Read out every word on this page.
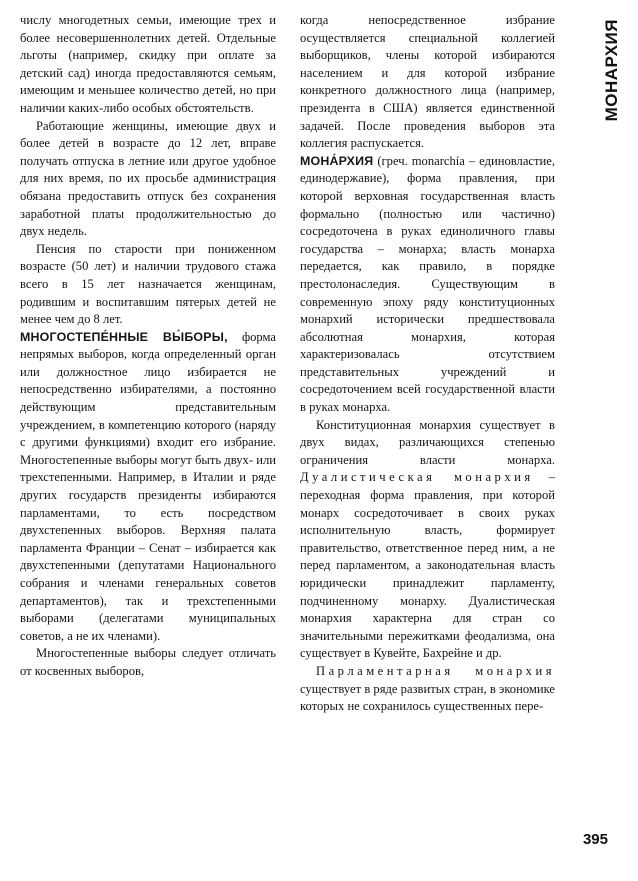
числу многодетных семьи, имеющие трех и более несовершеннолетних детей. Отдельные льготы (например, скидку при оплате за детский сад) иногда предоставляются семьям, имеющим и меньшее количество детей, но при наличии каких-либо особых обстоятельств.

Работающие женщины, имеющие двух и более детей в возрасте до 12 лет, вправе получать отпуска в летние или другое удобное для них время, по их просьбе администрация обязана предоставить отпуск без сохранения заработной платы продолжительностью до двух недель.

Пенсия по старости при пониженном возрасте (50 лет) и наличии трудового стажа всего в 15 лет назначается женщинам, родившим и воспитавшим пятерых детей не менее чем до 8 лет.

МНОГОСТЕПЕ́ННЫЕ ВЫ́БОРЫ, форма непрямых выборов, когда определенный орган или должностное лицо избирается не непосредственно избирателями, а постоянно действующим представительным учреждением, в компетенцию которого (наряду с другими функциями) входит его избрание. Многостепенные выборы могут быть двух- или трехстепенными. Например, в Италии и ряде других государств президенты избираются парламентами, то есть посредством двухстепенных выборов. Верхняя палата парламента Франции – Сенат – избирается как двухстепенными (депутатами Национального собрания и членами генеральных советов департаментов), так и трехстепенными выборами (делегатами муниципальных советов, а не их членами).

Многостепенные выборы следует отличать от косвенных выборов,

когда непосредственное избрание осуществляется специальной коллегией выборщиков, члены которой избираются населением и для которой избрание конкретного должностного лица (например, президента в США) является единственной задачей. После проведения выборов эта коллегия распускается.

МОНА́РХИЯ (греч. monarchía – единовластие, единодержавие), форма правления, при которой верховная государственная власть формально (полностью или частично) сосредоточена в руках единоличного главы государства – монарха; власть монарха передается, как правило, в порядке престолонаследия. Существующим в современную эпоху ряду конституционных монархий исторически предшествовала абсолютная монархия, которая характеризовалась отсутствием представительных учреждений и сосредоточением всей государственной власти в руках монарха.

Конституционная монархия существует в двух видах, различающихся степенью ограничения власти монарха. Дуалистическая монархия – переходная форма правления, при которой монарх сосредоточивает в своих руках исполнительную власть, формирует правительство, ответственное перед ним, а не перед парламентом, а законодательная власть юридически принадлежит парламенту, подчиненному монарху. Дуалистическая монархия характерна для стран со значительными пережитками феодализма, она существует в Кувейте, Бахрейне и др.

Парламентарная монархия существует в ряде развитых стран, в экономике которых не сохранилось существенных пере-

МОНАРХИЯ
395
